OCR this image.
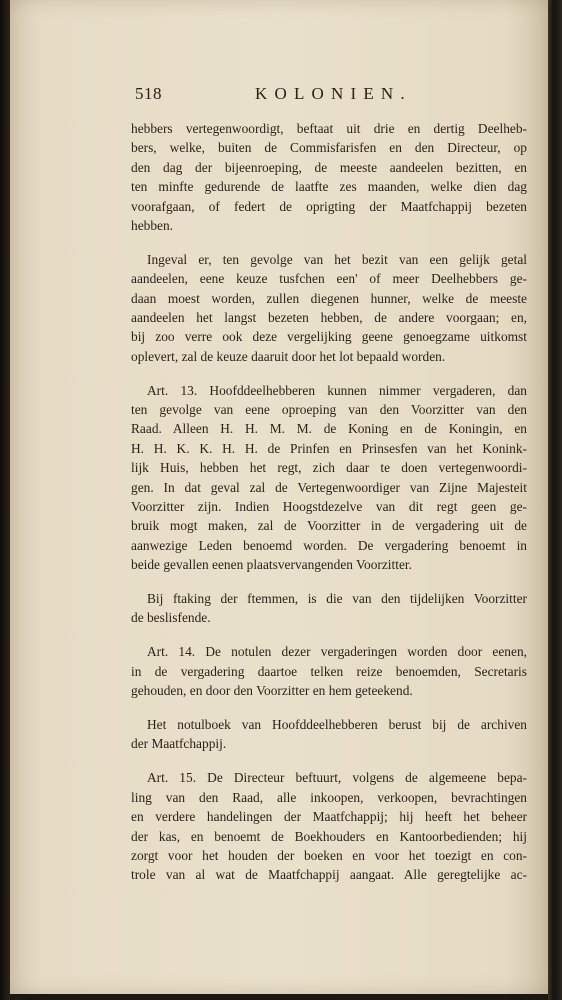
518	KOLONIEN.
hebbers vertegenwoordigt, beftaat uit drie en dertig Deelheb-
bers, welke, buiten de Commisfarisfen en den Directeur, op
den dag der bijeenroeping, de meeste aandeelen bezitten, en
ten minfte gedurende de laatfte zes maanden, welke dien dag
voorafgaan, of federt de oprigting der Maatfchappij bezeten
hebben.
Ingeval er, ten gevolge van het bezit van een gelijk getal
aandeelen, eene keuze tusfchen een' of meer Deelhebbers ge-
daan moest worden, zullen diegenen hunner, welke de meeste
aandeelen het langst bezeten hebben, de andere voorgaan; en,
bij zoo verre ook deze vergelijking geene genoegzame uitkomst
oplevert, zal de keuze daaruit door het lot bepaald worden.
Art. 13. Hoofddeelhebberen kunnen nimmer vergaderen, dan
ten gevolge van eene oproeping van den Voorzitter van den
Raad. Alleen H. H. M. M. de Koning en de Koningin, en
H. H. K. K. H. H. de Prinfen en Prinsesfen van het Konink-
lijk Huis, hebben het regt, zich daar te doen vertegenwoordi-
gen. In dat geval zal de Vertegenwoordiger van Zijne Majesteit
Voorzitter zijn. Indien Hoogstdezelve van dit regt geen ge-
bruik mogt maken, zal de Voorzitter in de vergadering uit de
aanwezige Leden benoemd worden. De vergadering benoemt in
beide gevallen eenen plaatsvervangenden Voorzitter.
Bij ftaking der ftemmen, is die van den tijdelijken Voorzitter
de beslisfende.
Art. 14. De notulen dezer vergaderingen worden door eenen,
in de vergadering daartoe telken reize benoemden, Secretaris
gehouden, en door den Voorzitter en hem geteekend.
Het notulboek van Hoofddeelhebberen berust bij de archiven
der Maatfchappij.
Art. 15. De Directeur beftuurt, volgens de algemeene bepa-
ling van den Raad, alle inkoopen, verkoopen, bevrachtingen
en verdere handelingen der Maatfchappij; hij heeft het beheer
der kas, en benoemt de Boekhouders en Kantoorbedienden; hij
zorgt voor het houden der boeken en voor het toezigt en con-
trole van al wat de Maatfchappij aangaat. Alle geregtelijke ac-
